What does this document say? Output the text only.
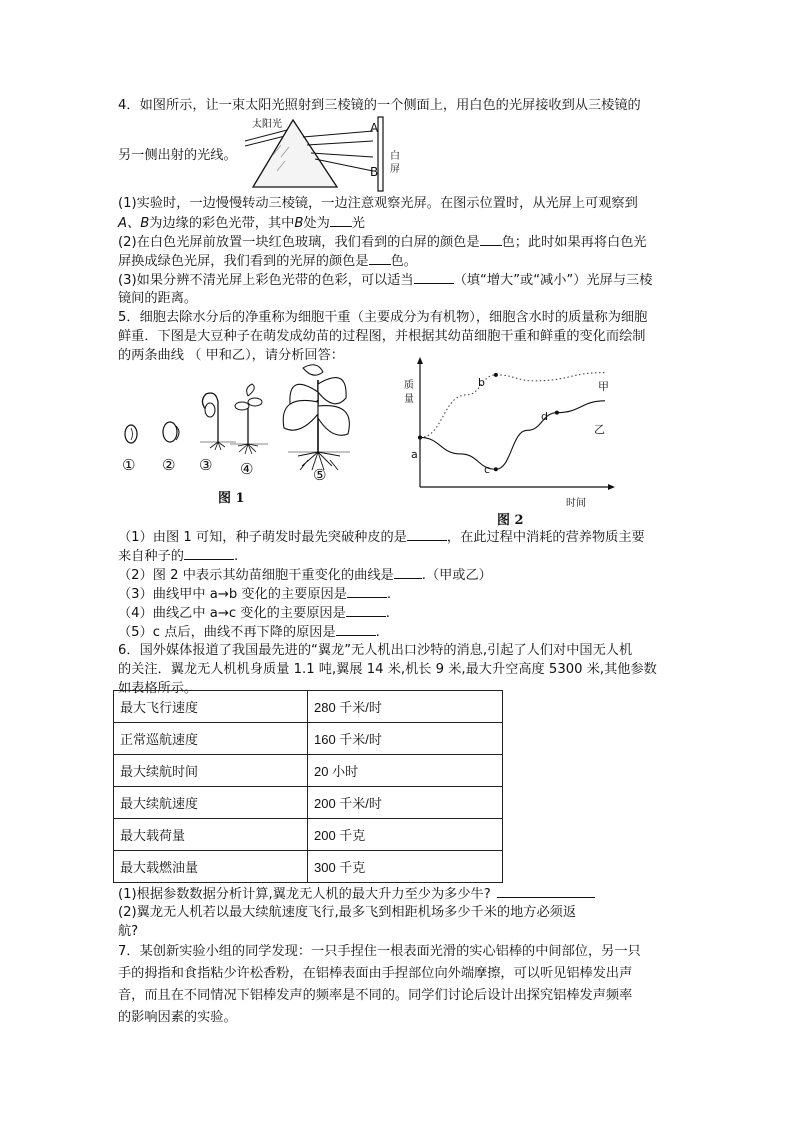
4．如图所示，让一束太阳光照射到三棱镜的一个侧面上，用白色的光屏接收到从三棱镜的
太阳光	A
B
白
屏
另一侧出射的光线。
(1)实验时，一边慢慢转动三棱镜，一边注意观察光屏。在图示位置时，从光屏上可观察到
A、B为边缘的彩色光带，其中B处为 光
(2)在白色光屏前放置一块红色玻璃，我们看到的白屏的颜色是 色；此时如果再将白色光
屏换成绿色光屏，我们看到的光屏的颜色是 色。
(3)如果分辨不清光屏上彩色光带的色彩，可以适当	（填“增大”或“减小”）光屏与三棱
镜间的距离。
5．细胞去除水分后的净重称为细胞干重（主要成分为有机物），细胞含水时的质量称为细胞
鲜重．下图是大豆种子在萌发成幼苗的过程图，并根据其幼苗细胞干重和鲜重的变化而绘制
的两条曲线 （ 甲和乙），请分析回答：
① ② ③ ④	⑤
图 1
质
量
时间
甲
乙
a
b
c
d
图 2
（1）由图 1 可知，种子萌发时最先突破种皮的是	，在此过程中消耗的营养物质主要
来自种子的	.
（2）图 2 中表示其幼苗细胞干重变化的曲线是 .（甲或乙）
（3）曲线甲中 a→b 变化的主要原因是	.
（4）曲线乙中 a→c 变化的主要原因是	.
（5）c 点后，曲线不再下降的原因是	.
6．国外媒体报道了我国最先进的“翼龙”无人机出口沙特的消息,引起了人们对中国无人机
的关注．翼龙无人机机身质量 1.1 吨,翼展 14 米,机长 9 米,最大升空高度 5300 米,其他参数
如表格所示。
最大飞行速度	280 千米/时
正常巡航速度	160 千米/时
最大续航时间	20 小时
最大续航速度	200 千米/时
最大载荷量	200 千克
最大载燃油量	300 千克
(1)根据参数数据分析计算,翼龙无人机的最大升力至少为多少牛?
(2)翼龙无人机若以最大续航速度飞行,最多飞到相距机场多少千米的地方必须返
航?
7．某创新实验小组的同学发现：一只手捏住一根表面光滑的实心铝棒的中间部位，另一只
手的拇指和食指粘少许松香粉，在铝棒表面由手捏部位向外端摩擦，可以听见铝棒发出声
音，而且在不同情况下铝棒发声的频率是不同的。同学们讨论后设计出探究铝棒发声频率
的影响因素的实验。
